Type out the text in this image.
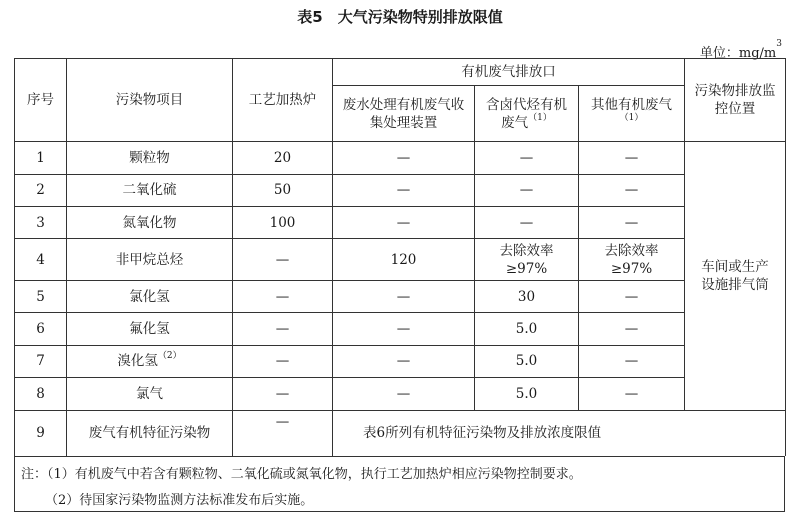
表5　大气污染物特别排放限值
单位：$mg/m^3$
序号	污染物项目	工艺加热炉	有机废气排放口			污染物排放监控位置
			废水处理有机废气收集处理装置	含卤代烃有机废气$^{(1)}$	其他有机废气$^{(1)}$
1	颗粒物	20	—	—	—	车间或生产设施排气筒
2	二氧化硫	50	—	—	—	
3	氮氧化物	100	—	—	—	
4	非甲烷总烃	—	120	去除效率≥97%	去除效率≥97%	
5	氯化氢	—	—	30	—	
6	氟化氢	—	—	5.0	—	
7	溴化氢$^{(2)}$	—	—	5.0	—	
8	氯气	—	—	5.0	—	
9	废气有机特征污染物	—	表6所列有机特征污染物及排放浓度限值			
注：（1）有机废气中若含有颗粒物、二氧化硫或氮氧化物，执行工艺加热炉相应污染物控制要求。
（2）待国家污染物监测方法标准发布后实施。
